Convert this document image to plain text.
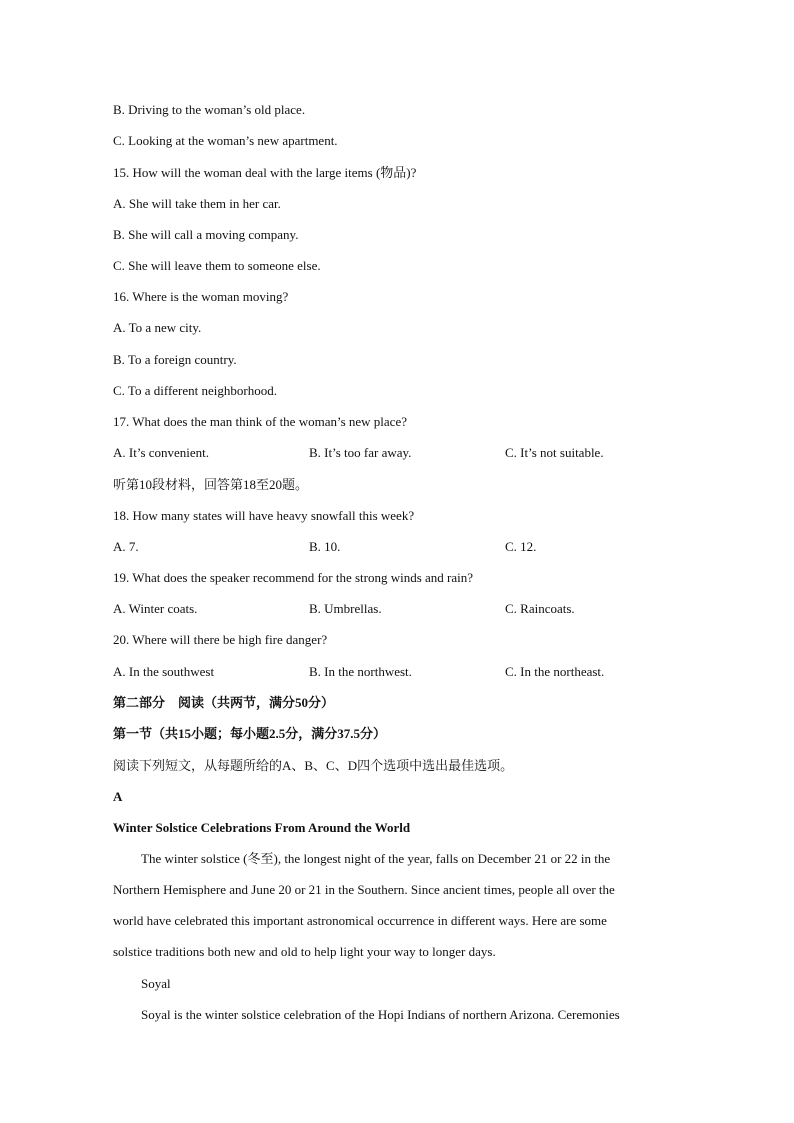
B. Driving to the woman’s old place.
C. Looking at the woman’s new apartment.
15. How will the woman deal with the large items (物品)?
A. She will take them in her car.
B. She will call a moving company.
C. She will leave them to someone else.
16. Where is the woman moving?
A. To a new city.
B. To a foreign country.
C. To a different neighborhood.
17. What does the man think of the woman’s new place?
A. It’s convenient.	B. It’s too far away.	C. It’s not suitable.
听第10段材料，回答第18至20题。
18. How many states will have heavy snowfall this week?
A. 7.	B. 10.	C. 12.
19. What does the speaker recommend for the strong winds and rain?
A. Winter coats.	B. Umbrellas.	C. Raincoats.
20. Where will there be high fire danger?
A. In the southwest	B. In the northwest.	C. In the northeast.
第二部分　阅读（共两节，满分50分）
第一节（共15小题；每小题2.5分，满分37.5分）
阅读下列短文，从每题所给的A、B、C、D四个选项中选出最佳选项。
A
Winter Solstice Celebrations From Around the World
The winter solstice (冬至), the longest night of the year, falls on December 21 or 22 in the
Northern Hemisphere and June 20 or 21 in the Southern. Since ancient times, people all over the
world have celebrated this important astronomical occurrence in different ways. Here are some
solstice traditions both new and old to help light your way to longer days.
Soyal
Soyal is the winter solstice celebration of the Hopi Indians of northern Arizona. Ceremonies
